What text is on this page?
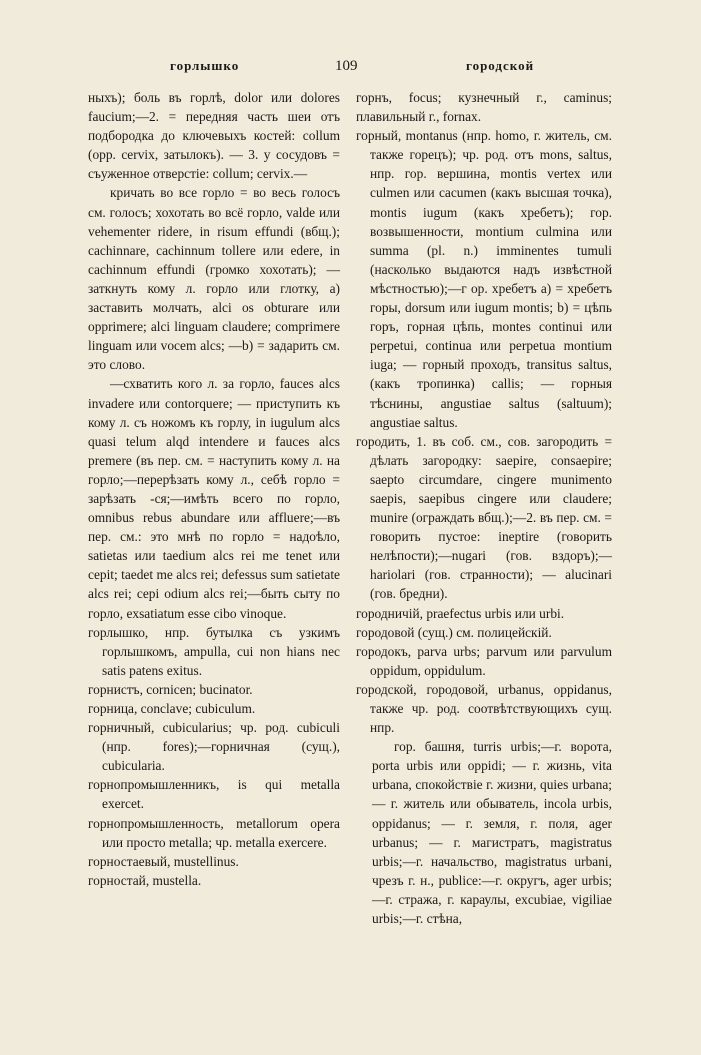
горлышко	109	городской

ныхъ); боль въ горлѣ, dolor или dolores faucium;—2. = передняя часть шеи отъ подбородка до ключевыхъ костей: collum (opp. cervix, затылокъ). — 3. у сосудовъ = съуженное отверстіе: collum; cervix.—

кричать во все горло = во весь голосъ см. голосъ; хохотать во всё горло, valde или vehementer ridere, in risum effundi (вбщ.); cachinnare, cachinnum tollere или edere, in cachinnum effundi (громко хохотать); — заткнуть кому л. горло или глотку, a) заставить молчать, alci os obturare или opprimere; alci linguam claudere; comprimere linguam или vocem alcs; —b) = задарить см. это слово.

—схватить кого л. за горло, fauces alcs invadere или contorquere; — приступить къ кому л. съ ножомъ къ горлу, in iugulum alcs quasi telum alqd intendere и fauces alcs premere (въ пер. см. = наступить кому л. на горло;—перерѣзать кому л., себѣ горло = зарѣзать -ся;—имѣть всего по горло, omnibus rebus abundare или affluere;—въ пер. см.: это мнѣ по горло = надоѣло, satietas или taedium alcs rei me tenet или cepit; taedet me alcs rei; defessus sum satietate alcs rei; cepi odium alcs rei;—быть сыту по горло, exsatiatum esse cibo vinoque.

горлышко, нпр. бутылка съ узкимъ горлышкомъ, ampulla, cui non hians nec satis patens exitus.

горнистъ, cornicen; bucinator.

горница, conclave; cubiculum.

горничный, cubicularius; чр. род. cubiculi (нпр. fores);—горничная (сущ.), cubicularia.

горнопромышленникъ, is qui metalla exercet.

горнопромышленность, metallorum opera или просто metalla; чр. metalla exercere.

горностаевый, mustellinus.

горностай, mustella.

горнъ, focus; кузнечный г., caminus; плавильный г., fornax.

горный, montanus (нпр. homo, г. житель, см. также горецъ); чр. род. отъ mons, saltus, нпр. гор. вершина, montis vertex или culmen или cacumen (какъ высшая точка), montis iugum (какъ хребетъ); гор. возвышенности, montium culmina или summa (pl. n.) imminentes tumuli (насколько выдаются надъ извѣстной мѣстностью);—г ор. хребетъ a) = хребетъ горы, dorsum или iugum montis; b) = цѣпь горъ, горная цѣпь, montes continui или perpetui, continua или perpetua montium iuga; — горный проходъ, transitus saltus, (какъ тропинка) callis; — горныя тѣснины, angustiae saltus (saltuum); angustiae saltus.

городить, 1. въ соб. см., сов. загородить = дѣлать загородку: saepire, consaepire; saepto circumdare, cingere munimento saepis, saepibus cingere или claudere; munire (ограждать вбщ.);—2. въ пер. см. = говорить пустое: ineptire (говорить нелѣпости);—nugari (гов. вздоръ);—hariolari (гов. странности); — alucinari (гов. бредни).

городничій, praefectus urbis или urbi.

городовой (сущ.) см. полицейскій.

городокъ, parva urbs; parvum или parvulum oppidum, oppidulum.

городской, городовой, urbanus, oppidanus, также чр. род. соотвѣтствующихъ сущ. нпр.

гор. башня, turris urbis;—г. ворота, porta urbis или oppidi; — г. жизнь, vita urbana, спокойствіе г. жизни, quies urbana; — г. житель или обыватель, incola urbis, oppidanus; — г. земля, г. поля, ager urbanus; — г. магистратъ, magistratus urbis;—г. начальство, magistratus urbani, чрезъ г. н., publice:—г. округъ, ager urbis;—г. стража, г. караулы, excubiae, vigiliae urbis;—г. стѣна,
